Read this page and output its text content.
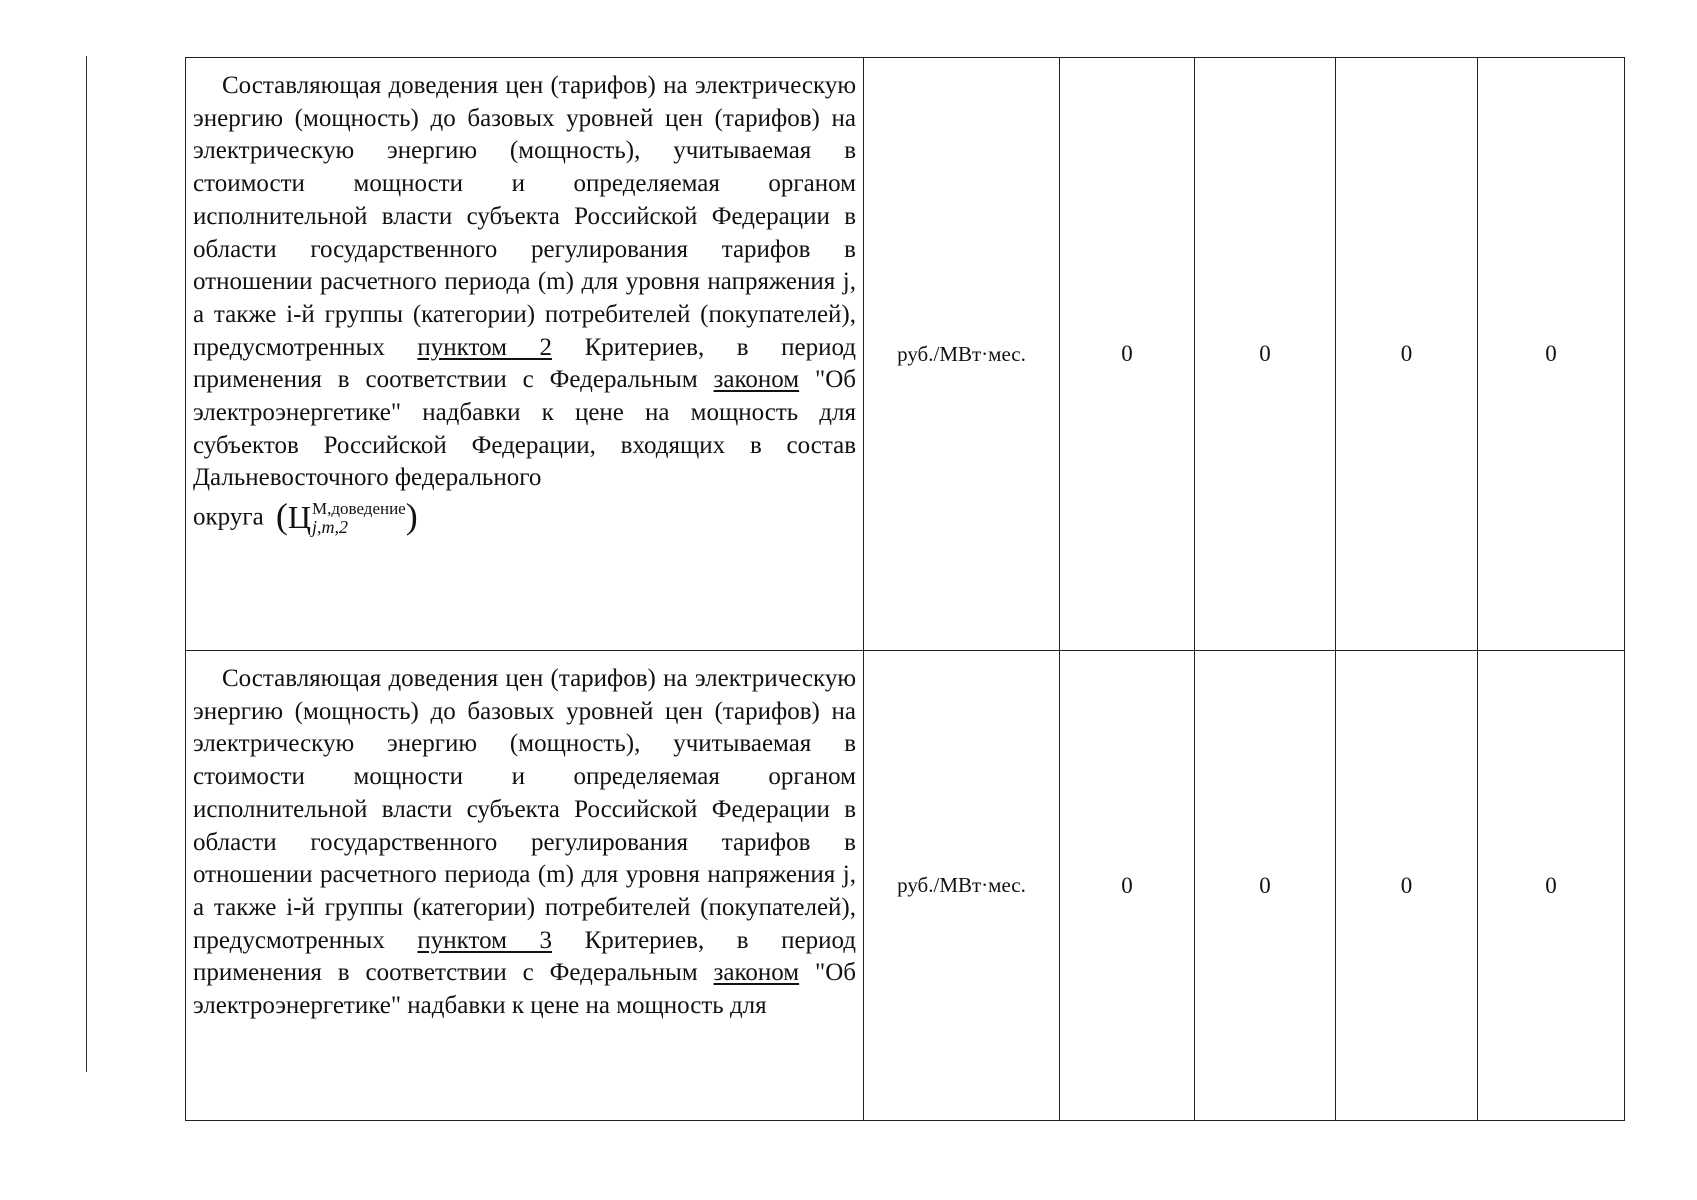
Составляющая доведения цен (тарифов) на электрическую энергию (мощность) до базовых уровней цен (тарифов) на электрическую энергию (мощность), учитываемая в стоимости мощности и определяемая органом исполнительной власти субъекта Российской Федерации в области государственного регулирования тарифов в отношении расчетного периода (m) для уровня напряжения j, а также i-й группы (категории) потребителей (покупателей), предусмотренных пунктом 2 Критериев, в период применения в соответствии с Федеральным законом "Об электроэнергетике" надбавки к цене на мощность для субъектов Российской Федерации, входящих в состав Дальневосточного федерального

округа (Ц М,доведение
j,m,2 )	руб./МВт·мес.	0	0	0	0

Составляющая доведения цен (тарифов) на электрическую энергию (мощность) до базовых уровней цен (тарифов) на электрическую энергию (мощность), учитываемая в стоимости мощности и определяемая органом исполнительной власти субъекта Российской Федерации в области государственного регулирования тарифов в отношении расчетного периода (m) для уровня напряжения j, а также i-й группы (категории) потребителей (покупателей), предусмотренных пунктом 3 Критериев, в период применения в соответствии с Федеральным законом "Об электроэнергетике" надбавки к цене на мощность для	руб./МВт·мес.	0	0	0	0
